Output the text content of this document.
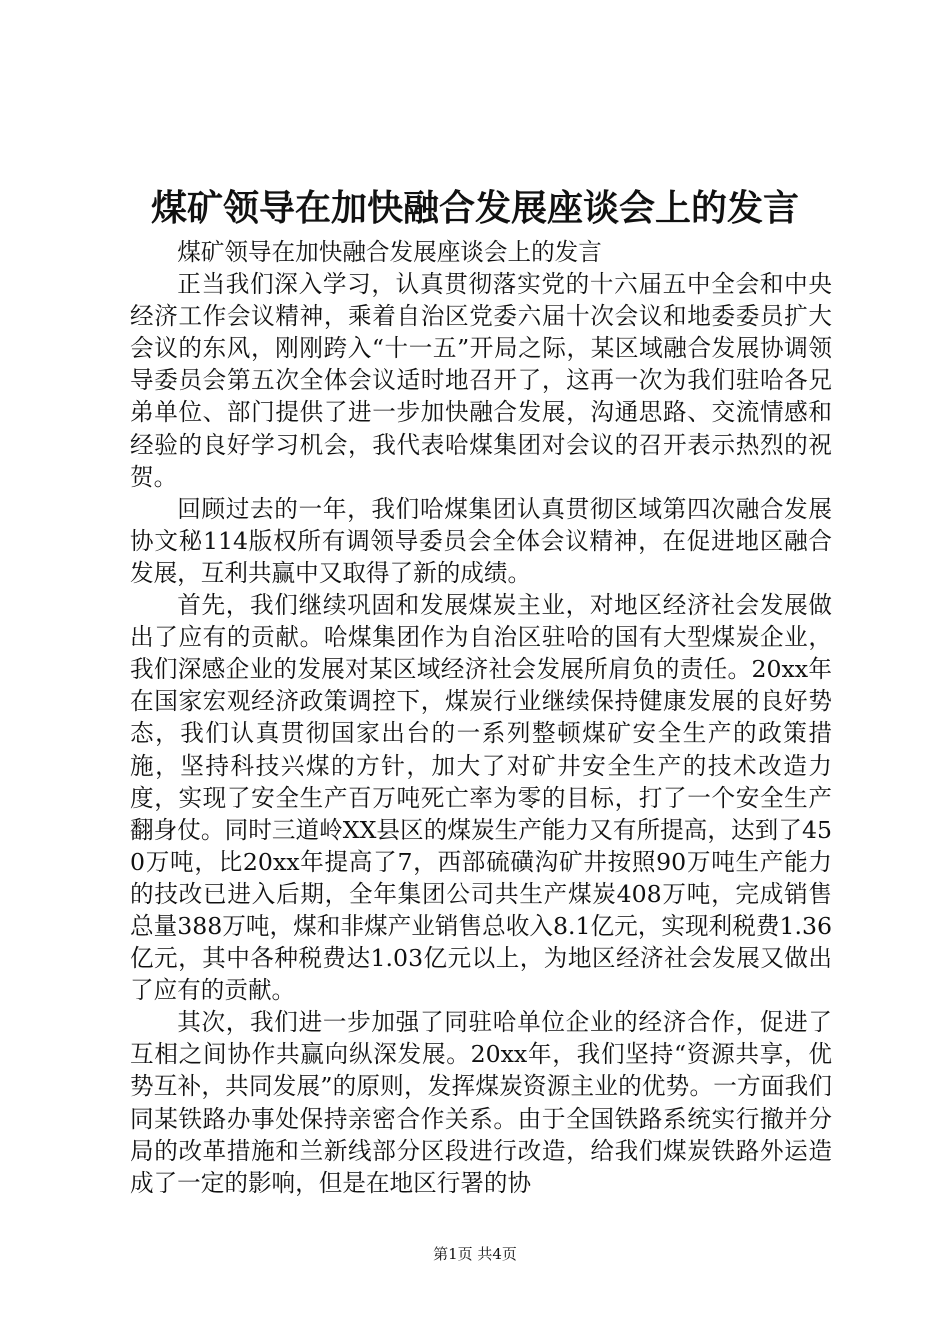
煤矿领导在加快融合发展座谈会上的发言

煤矿领导在加快融合发展座谈会上的发言

正当我们深入学习，认真贯彻落实党的十六届五中全会和中央经济工作会议精神，乘着自治区党委六届十次会议和地委委员扩大会议的东风，刚刚跨入“十一五”开局之际，某区域融合发展协调领导委员会第五次全体会议适时地召开了，这再一次为我们驻哈各兄弟单位、部门提供了进一步加快融合发展，沟通思路、交流情感和经验的良好学习机会，我代表哈煤集团对会议的召开表示热烈的祝贺。

回顾过去的一年，我们哈煤集团认真贯彻区域第四次融合发展协文秘114版权所有调领导委员会全体会议精神，在促进地区融合发展，互利共赢中又取得了新的成绩。

首先，我们继续巩固和发展煤炭主业，对地区经济社会发展做出了应有的贡献。哈煤集团作为自治区驻哈的国有大型煤炭企业，我们深感企业的发展对某区域经济社会发展所肩负的责任。20xx年在国家宏观经济政策调控下，煤炭行业继续保持健康发展的良好势态，我们认真贯彻国家出台的一系列整顿煤矿安全生产的政策措施，坚持科技兴煤的方针，加大了对矿井安全生产的技术改造力度，实现了安全生产百万吨死亡率为零的目标，打了一个安全生产翻身仗。同时三道岭XX县区的煤炭生产能力又有所提高，达到了450万吨，比20xx年提高了7，西部硫磺沟矿井按照90万吨生产能力的技改已进入后期，全年集团公司共生产煤炭408万吨，完成销售总量388万吨，煤和非煤产业销售总收入8.1亿元，实现利税费1.36亿元，其中各种税费达1.03亿元以上，为地区经济社会发展又做出了应有的贡献。

其次，我们进一步加强了同驻哈单位企业的经济合作，促进了互相之间协作共赢向纵深发展。20xx年，我们坚持“资源共享，优势互补，共同发展”的原则，发挥煤炭资源主业的优势。一方面我们同某铁路办事处保持亲密合作关系。由于全国铁路系统实行撤并分局的改革措施和兰新线部分区段进行改造，给我们煤炭铁路外运造成了一定的影响，但是在地区行署的协

第1页 共4页
